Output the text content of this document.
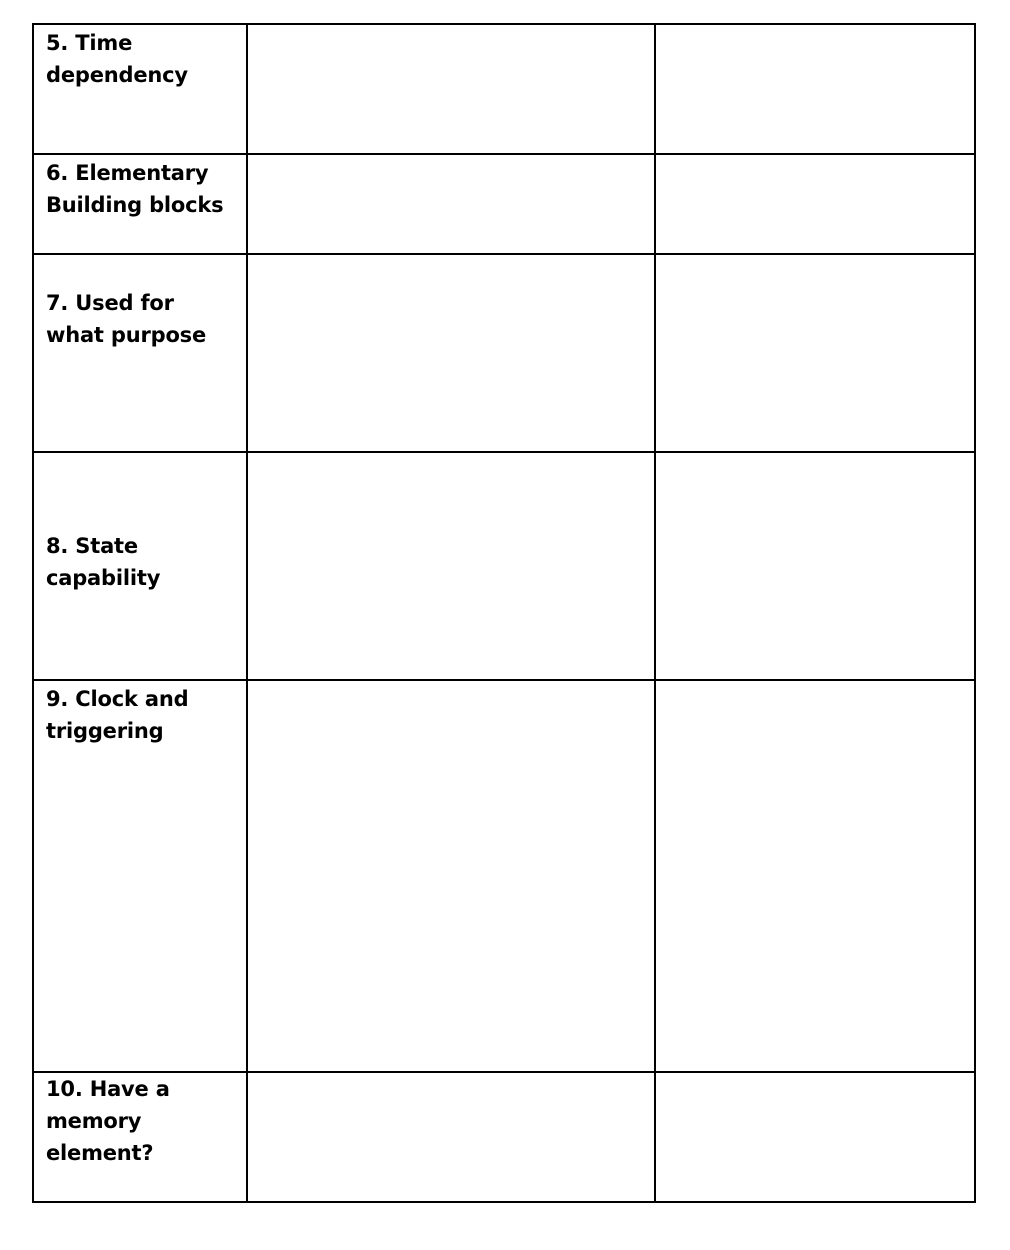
5. Time dependency		

6. Elementary Building blocks		

7. Used for what purpose		

8. State capability		

9. Clock and triggering		

10. Have a memory element?		
